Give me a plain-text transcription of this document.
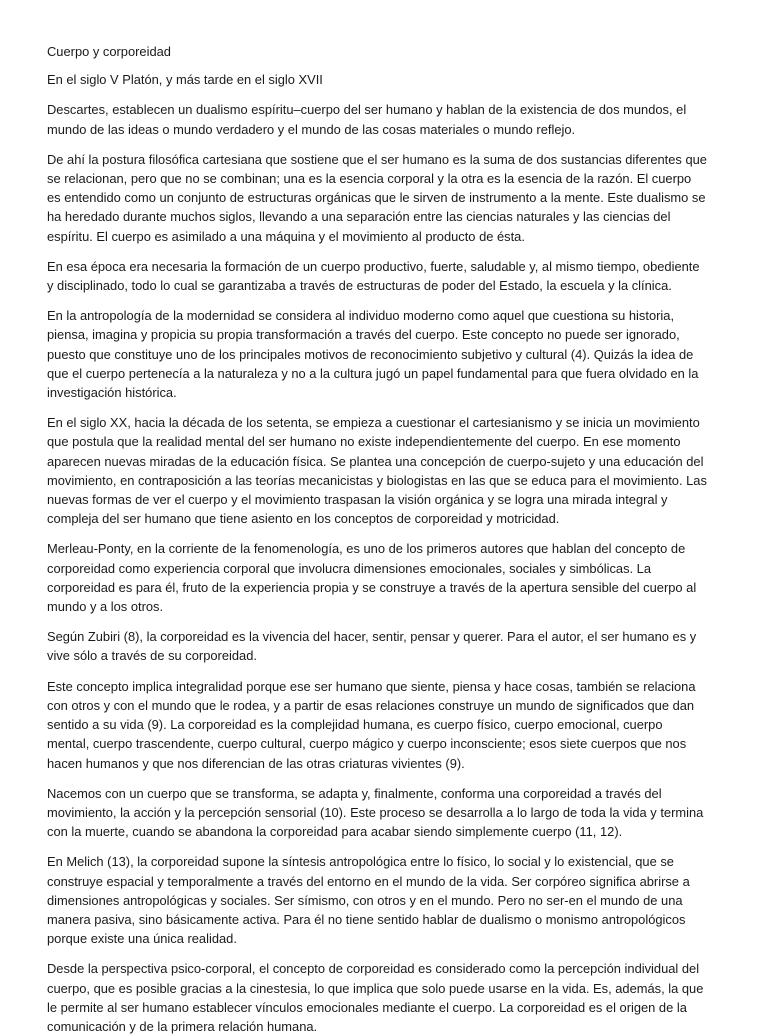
Cuerpo y corporeidad

En el siglo V Platón, y más tarde en el siglo XVII

Descartes, establecen un dualismo espíritu–cuerpo del ser humano y hablan de la existencia de dos mundos, el mundo de las ideas o mundo verdadero y el mundo de las cosas materiales o mundo reflejo.

De ahí la postura filosófica cartesiana que sostiene que el ser humano es la suma de dos sustancias diferentes que se relacionan, pero que no se combinan; una es la esencia corporal y la otra es la esencia de la razón. El cuerpo es entendido como un conjunto de estructuras orgánicas que le sirven de instrumento a la mente. Este dualismo se ha heredado durante muchos siglos, llevando a una separación entre las ciencias naturales y las ciencias del espíritu. El cuerpo es asimilado a una máquina y el movimiento al producto de ésta.

En esa época era necesaria la formación de un cuerpo productivo, fuerte, saludable y, al mismo tiempo, obediente y disciplinado, todo lo cual se garantizaba a través de estructuras de poder del Estado, la escuela y la clínica.

En la antropología de la modernidad se considera al individuo moderno como aquel que cuestiona su historia, piensa, imagina y propicia su propia transformación a través del cuerpo. Este concepto no puede ser ignorado, puesto que constituye uno de los principales motivos de reconocimiento subjetivo y cultural (4). Quizás la idea de que el cuerpo pertenecía a la naturaleza y no a la cultura jugó un papel fundamental para que fuera olvidado en la investigación histórica.

En el siglo XX, hacia la década de los setenta, se empieza a cuestionar el cartesianismo y se inicia un movimiento que postula que la realidad mental del ser humano no existe independientemente del cuerpo. En ese momento aparecen nuevas miradas de la educación física. Se plantea una concepción de cuerpo-sujeto y una educación del movimiento, en contraposición a las teorías mecanicistas y biologistas en las que se educa para el movimiento. Las nuevas formas de ver el cuerpo y el movimiento traspasan la visión orgánica y se logra una mirada integral y compleja del ser humano que tiene asiento en los conceptos de corporeidad y motricidad.

Merleau-Ponty, en la corriente de la fenomenología, es uno de los primeros autores que hablan del concepto de corporeidad como experiencia corporal que involucra dimensiones emocionales, sociales y simbólicas. La corporeidad es para él, fruto de la experiencia propia y se construye a través de la apertura sensible del cuerpo al mundo y a los otros.

Según Zubiri (8), la corporeidad es la vivencia del hacer, sentir, pensar y querer. Para el autor, el ser humano es y vive sólo a través de su corporeidad.

Este concepto implica integralidad porque ese ser humano que siente, piensa y hace cosas, también se relaciona con otros y con el mundo que le rodea, y a partir de esas relaciones construye un mundo de significados que dan sentido a su vida (9). La corporeidad es la complejidad humana, es cuerpo físico, cuerpo emocional, cuerpo mental, cuerpo trascendente, cuerpo cultural, cuerpo mágico y cuerpo inconsciente; esos siete cuerpos que nos hacen humanos y que nos diferencian de las otras criaturas vivientes (9).

Nacemos con un cuerpo que se transforma, se adapta y, finalmente, conforma una corporeidad a través del movimiento, la acción y la percepción sensorial (10). Este proceso se desarrolla a lo largo de toda la vida y termina con la muerte, cuando se abandona la corporeidad para acabar siendo simplemente cuerpo (11, 12).

En Melich (13), la corporeidad supone la síntesis antropológica entre lo físico, lo social y lo existencial, que se construye espacial y temporalmente a través del entorno en el mundo de la vida. Ser corpóreo significa abrirse a dimensiones antropológicas y sociales. Ser símismo, con otros y en el mundo. Pero no ser-en el mundo de una manera pasiva, sino básicamente activa. Para él no tiene sentido hablar de dualismo o monismo antropológicos porque existe una única realidad.

Desde la perspectiva psico-corporal, el concepto de corporeidad es considerado como la percepción individual del cuerpo, que es posible gracias a la cinestesia, lo que implica que solo puede usarse en la vida. Es, además, la que le permite al ser humano establecer vínculos emocionales mediante el cuerpo. La corporeidad es el origen de la comunicación y de la primera relación humana.
